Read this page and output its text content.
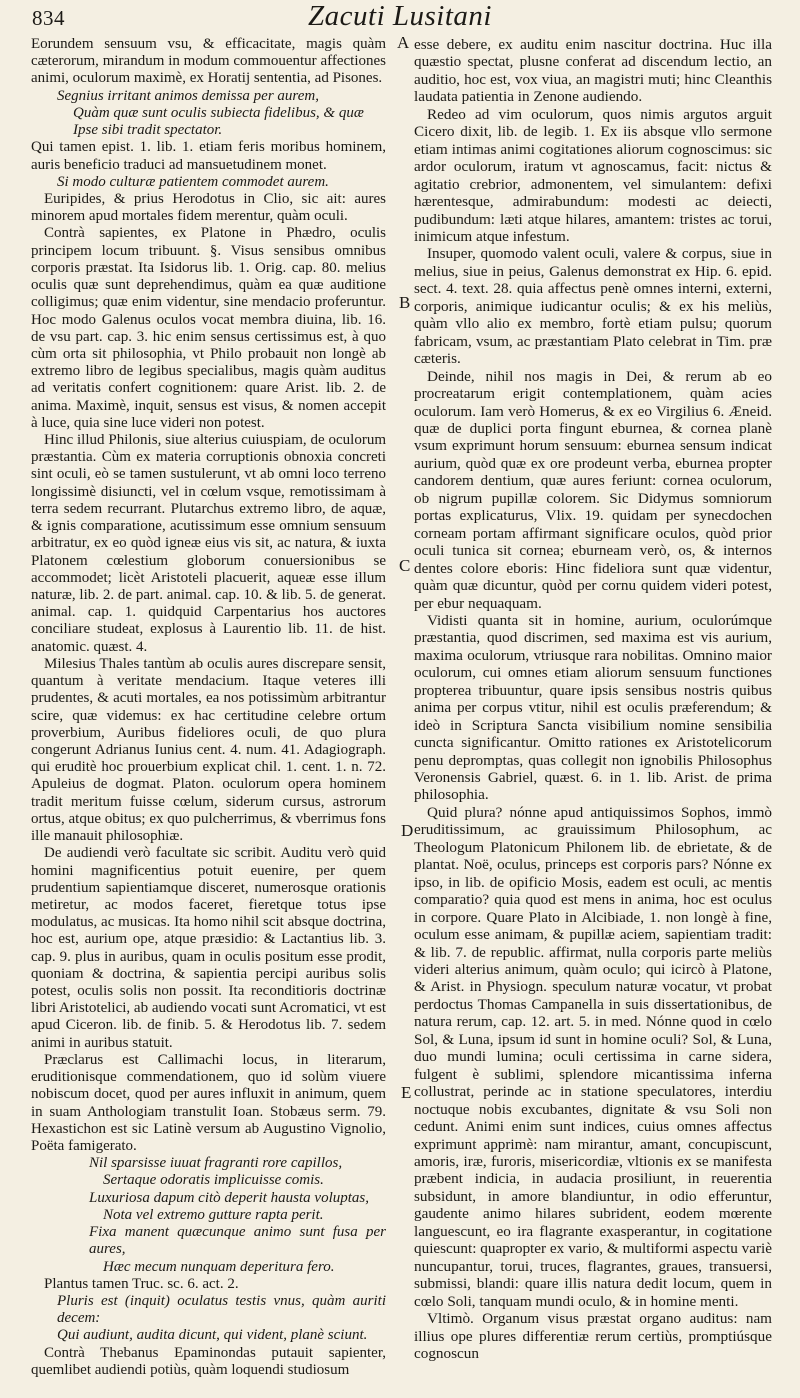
834	Zacuti Lusitani

Eorundem sensuum vsu, & efficacitate, magis quàm cæterorum, mirandum in modum commouentur affectiones animi, oculorum maximè, ex Horatij sententia, ad Pisones.

Segnius irritant animos demissa per aurem,
Quàm quæ sunt oculis subiecta fidelibus, & quæ
Ipse sibi tradit spectator.

Qui tamen epist. 1. lib. 1. etiam feris moribus hominem, auris beneficio traduci ad mansuetudinem monet.

Si modo culturæ patientem commodet aurem.

Euripides, & prius Herodotus in Clio, sic ait: aures minorem apud mortales fidem merentur, quàm oculi.

Contrà sapientes, ex Platone in Phædro, oculis principem locum tribuunt. §. Visus sensibus omnibus corporis præstat. Ita Isidorus lib. 1. Orig. cap. 80. melius oculis quæ sunt deprehendimus, quàm ea quæ auditione colligimus; quæ enim videntur, sine mendacio proferuntur. Hoc modo Galenus oculos vocat membra diuina, lib. 16. de vsu part. cap. 3. hic enim sensus certissimus est, à quo cùm orta sit philosophia, vt Philo probauit non longè ab extremo libro de legibus specialibus, magis quàm auditus ad veritatis confert cognitionem: quare Arist. lib. 2. de anima. Maximè, inquit, sensus est visus, & nomen accepit à luce, quia sine luce videri non potest.

Hinc illud Philonis, siue alterius cuiuspiam, de oculorum præstantia. Cùm ex materia corruptionis obnoxia concreti sint oculi, eò se tamen sustulerunt, vt ab omni loco terreno longissimè disiuncti, vel in cœlum vsque, remotissimam à terra sedem recurrant. Plutarchus extremo libro, de aquæ, & ignis comparatione, acutissimum esse omnium sensuum arbitratur, ex eo quòd igneæ eius vis sit, ac natura, & iuxta Platonem cœlestium globorum conuersionibus se accommodet; licèt Aristoteli placuerit, aqueæ esse illum naturæ, lib. 2. de part. animal. cap. 10. & lib. 5. de generat. animal. cap. 1. quidquid Carpentarius hos auctores conciliare studeat, explosus à Laurentio lib. 11. de hist. anatomic. quæst. 4.

Milesius Thales tantùm ab oculis aures discrepare sensit, quantum à veritate mendacium. Itaque veteres illi prudentes, & acuti mortales, ea nos potissimùm arbitrantur scire, quæ videmus: ex hac certitudine celebre ortum proverbium, Auribus fideliores oculi, de quo plura congerunt Adrianus Iunius cent. 4. num. 41. Adagiograph. qui eruditè hoc prouerbium explicat chil. 1. cent. 1. n. 72. Apuleius de dogmat. Platon. oculorum opera hominem tradit meritum fuisse cœlum, siderum cursus, astrorum ortus, atque obitus; ex quo pulcherrimus, & vberrimus fons ille manauit philosophiæ.

De audiendi verò facultate sic scribit. Auditu verò quid homini magnificentius potuit euenire, per quem prudentium sapientiamque disceret, numerosque orationis metiretur, ac modos faceret, fieretque totus ipse modulatus, ac musicas. Ita homo nihil scit absque doctrina, hoc est, aurium ope, atque præsidio: & Lactantius lib. 3. cap. 9. plus in auribus, quam in oculis positum esse prodit, quoniam & doctrina, & sapientia percipi auribus solis potest, oculis solis non possit. Ita reconditioris doctrinæ libri Aristotelici, ab audiendo vocati sunt Acromatici, vt est apud Ciceron. lib. de finib. 5. & Herodotus lib. 7. sedem animi in auribus statuit.

Præclarus est Callimachi locus, in literarum, eruditionisque commendationem, quo id solùm viuere nobiscum docet, quod per aures influxit in animum, quem in suam Anthologiam transtulit Ioan. Stobæus serm. 79. Hexastichon est sic Latinè versum ab Augustino Vignolio, Poëta famigerato.

Nil sparsisse iuuat fragranti rore capillos,
Sertaque odoratis implicuisse comis.
Luxuriosa dapum citò deperit hausta voluptas,
Nota vel extremo gutture rapta perit.
Fixa manent quæcunque animo sunt fusa per aures,
Hæc mecum nunquam deperitura fero.

Plantus tamen Truc. sc. 6. act. 2.

Pluris est (inquit) oculatus testis vnus, quàm auriti decem:
Qui audiunt, audita dicunt, qui vident, planè sciunt.

Contrà Thebanus Epaminondas putauit sapienter, quemlibet audiendi potiùs, quàm loquendi studiosum

esse debere, ex auditu enim nascitur doctrina. Huc illa quæstio spectat, plusne conferat ad discendum lectio, an auditio, hoc est, vox viua, an magistri muti; hinc Cleanthis laudata patientia in Zenone audiendo.

Redeo ad vim oculorum, quos nimis argutos arguit Cicero dixit, lib. de legib. 1. Ex iis absque vllo sermone etiam intimas animi cogitationes aliorum cognoscimus: sic ardor oculorum, iratum vt agnoscamus, facit: nictus & agitatio crebrior, admonentem, vel simulantem: defixi hærentesque, admirabundum: modesti ac deiecti, pudibundum: læti atque hilares, amantem: tristes ac torui, inimicum atque infestum.

Insuper, quomodo valent oculi, valere & corpus, siue in melius, siue in peius, Galenus demonstrat ex Hip. 6. epid. sect. 4. text. 28. quia affectus penè omnes interni, externi, corporis, animique iudicantur oculis; & ex his meliùs, quàm vllo alio ex membro, fortè etiam pulsu; quorum fabricam, vsum, ac præstantiam Plato celebrat in Tim. præ cæteris.

Deinde, nihil nos magis in Dei, & rerum ab eo procreatarum erigit contemplationem, quàm acies oculorum. Iam verò Homerus, & ex eo Virgilius 6. Æneid. quæ de duplici porta fingunt eburnea, & cornea planè vsum exprimunt horum sensuum: eburnea sensum indicat aurium, quòd quæ ex ore prodeunt verba, eburnea propter candorem dentium, quæ aures feriunt: cornea oculorum, ob nigrum pupillæ colorem. Sic Didymus somniorum portas explicaturus, Vlix. 19. quidam per synecdochen corneam portam affirmant significare oculos, quòd prior oculi tunica sit cornea; eburneam verò, os, & internos dentes colore eboris: Hinc fideliora sunt quæ videntur, quàm quæ dicuntur, quòd per cornu quidem videri potest, per ebur nequaquam.

Vidisti quanta sit in homine, aurium, oculorúmque præstantia, quod discrimen, sed maxima est vis aurium, maxima oculorum, vtriusque rara nobilitas. Omnino maior oculorum, cui omnes etiam aliorum sensuum functiones propterea tribuuntur, quare ipsis sensibus nostris quibus anima per corpus vtitur, nihil est oculis præferendum; & ideò in Scriptura Sancta visibilium nomine sensibilia cuncta significantur. Omitto rationes ex Aristotelicorum penu depromptas, quas collegit non ignobilis Philosophus Veronensis Gabriel, quæst. 6. in 1. lib. Arist. de prima philosophia.

Quid plura? nónne apud antiquissimos Sophos, immò eruditissimum, ac grauissimum Philosophum, ac Theologum Platonicum Philonem lib. de ebrietate, & de plantat. Noë, oculus, princeps est corporis pars? Nónne ex ipso, in lib. de opificio Mosis, eadem est oculi, ac mentis comparatio? quia quod est mens in anima, hoc est oculus in corpore. Quare Plato in Alcibiade, 1. non longè à fine, oculum esse animam, & pupillæ aciem, sapientiam tradit: & lib. 7. de republic. affirmat, nulla corporis parte meliùs videri alterius animum, quàm oculo; qui icircò à Platone, & Arist. in Physiogn. speculum naturæ vocatur, vt probat perdoctus Thomas Campanella in suis dissertationibus, de natura rerum, cap. 12. art. 5. in med. Nónne quod in cœlo Sol, & Luna, ipsum id sunt in homine oculi? Sol, & Luna, duo mundi lumina; oculi certissima in carne sidera, fulgent è sublimi, splendore micantissima inferna collustrat, perinde ac in statione speculatores, interdiu noctuque nobis excubantes, dignitate & vsu Soli non cedunt. Animi enim sunt indices, cuius omnes affectus exprimunt apprimè: nam mirantur, amant, concupiscunt, amoris, iræ, furoris, misericordiæ, vltionis ex se manifesta præbent indicia, in audacia prosiliunt, in reuerentia subsidunt, in amore blandiuntur, in odio efferuntur, gaudente animo hilares subrident, eodem mœrente languescunt, eo ira flagrante exasperantur, in cogitatione quiescunt: quapropter ex vario, & multiformi aspectu variè nuncupantur, torui, truces, flagrantes, graues, transuersi, submissi, blandi: quare illis natura dedit locum, quem in cœlo Soli, tanquam mundi oculo, & in homine menti.

Vltimò. Organum visus præstat organo auditus: nam illius ope plures differentiæ rerum certiùs, promptiúsque cognoscun

A
B
C
D
E
